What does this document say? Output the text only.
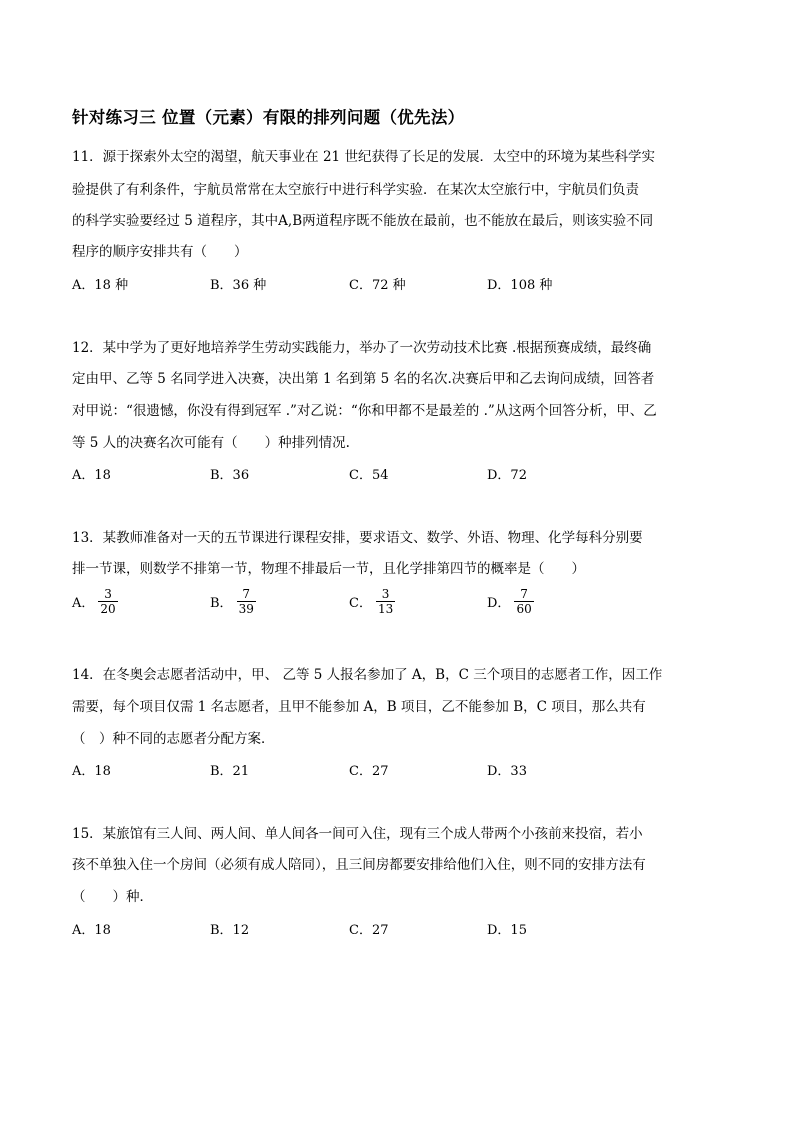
针对练习三 位置（元素）有限的排列问题（优先法）
11．源于探索外太空的渴望，航天事业在 21 世纪获得了长足的发展．太空中的环境为某些科学实
验提供了有利条件，宇航员常常在太空旅行中进行科学实验．在某次太空旅行中，宇航员们负责
的科学实验要经过 5 道程序，其中A,B两道程序既不能放在最前，也不能放在最后，则该实验不同
程序的顺序安排共有（　　）
A．18 种	B．36 种	C．72 种	D．108 种
12．某中学为了更好地培养学生劳动实践能力，举办了一次劳动技术比赛 .根据预赛成绩，最终确
定由甲、乙等 5 名同学进入决赛，决出第 1 名到第 5 名的名次.决赛后甲和乙去询问成绩，回答者
对甲说：“很遗憾，你没有得到冠军 .”对乙说：“你和甲都不是最差的 .”从这两个回答分析，甲、乙
等 5 人的决赛名次可能有（　　）种排列情况.
A．18	B．36	C．54	D．72
13．某教师准备对一天的五节课进行课程安排，要求语文、数学、外语、物理、化学每科分别要
排一节课，则数学不排第一节，物理不排最后一节，且化学排第四节的概率是（　　）
A． $\frac{3}{20}$	B． $\frac{7}{39}$	C． $\frac{3}{13}$	D． $\frac{7}{60}$
14．在冬奥会志愿者活动中，甲、 乙等 5 人报名参加了 A，B，C 三个项目的志愿者工作，因工作
需要，每个项目仅需 1 名志愿者，且甲不能参加 A，B 项目，乙不能参加 B，C 项目，那么共有
（　）种不同的志愿者分配方案．
A．18	B．21	C．27	D．33
15．某旅馆有三人间、两人间、单人间各一间可入住，现有三个成人带两个小孩前来投宿，若小
孩不单独入住一个房间（必须有成人陪同），且三间房都要安排给他们入住，则不同的安排方法有
（　　）种．
A．18	B．12	C．27	D．15
